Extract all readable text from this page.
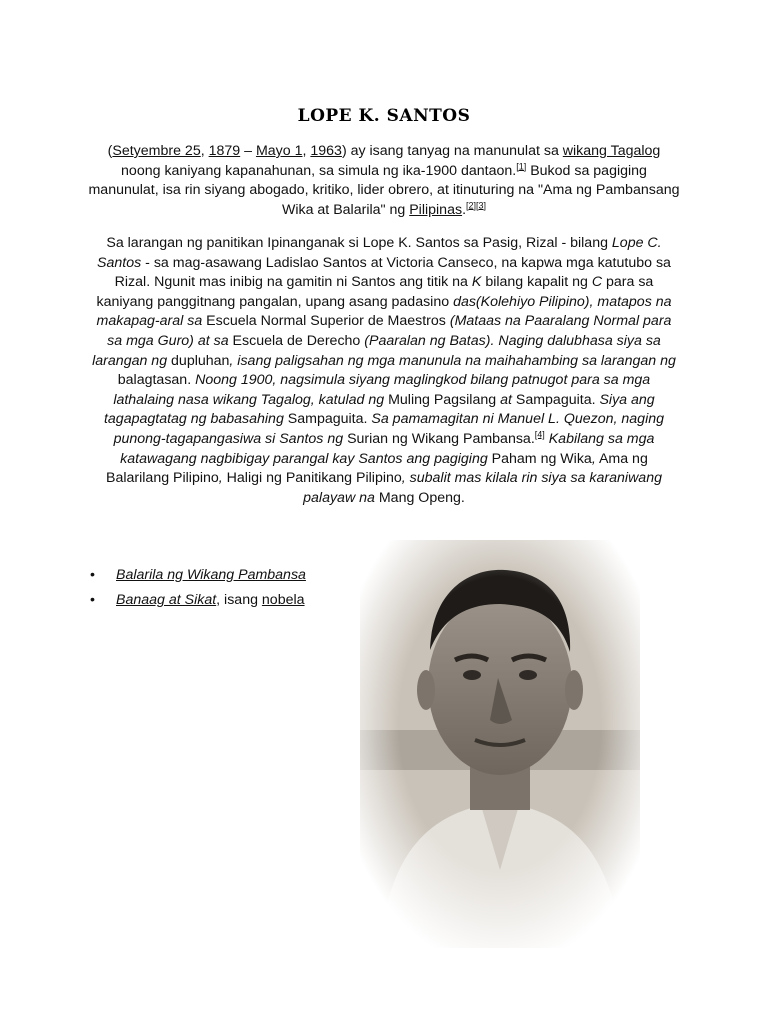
LOPE K. SANTOS

(Setyembre 25, 1879 – Mayo 1, 1963) ay isang tanyag na manunulat sa wikang Tagalog noong kaniyang kapanahunan, sa simula ng ika-1900 dantaon.[1] Bukod sa pagiging manunulat, isa rin siyang abogado, kritiko, lider obrero, at itinuturing na "Ama ng Pambansang Wika at Balarila" ng Pilipinas.[2][3]

Sa larangan ng panitikan Ipinanganak si Lope K. Santos sa Pasig, Rizal - bilang Lope C. Santos - sa mag-asawang Ladislao Santos at Victoria Canseco, na kapwa mga katutubo sa Rizal. Ngunit mas inibig na gamitin ni Santos ang titik na K bilang kapalit ng C para sa kaniyang panggitnang pangalan, upang asang padasino das(Kolehiyo Pilipino), matapos na makapag-aral sa Escuela Normal Superior de Maestros (Mataas na Paaralang Normal para sa mga Guro) at sa Escuela de Derecho (Paaralan ng Batas). Naging dalubhasa siya sa larangan ng dupluhan, isang paligsahan ng mga manunula na maihahambing sa larangan ng balagtasan. Noong 1900, nagsimula siyang maglingkod bilang patnugot para sa mga lathalaing nasa wikang Tagalog, katulad ng Muling Pagsilang at Sampaguita. Siya ang tagapagtatag ng babasahing Sampaguita. Sa pamamagitan ni Manuel L. Quezon, naging punong-tagapangasiwa si Santos ng Surian ng Wikang Pambansa.[4] Kabilang sa mga katawagang nagbibigay parangal kay Santos ang pagiging Paham ng Wika, Ama ng Balarilang Pilipino, Haligi ng Panitikang Pilipino, subalit mas kilala rin siya sa karaniwang palayaw na Mang Openg.

• Balarila ng Wikang Pambansa
• Banaag at Sikat, isang nobela
